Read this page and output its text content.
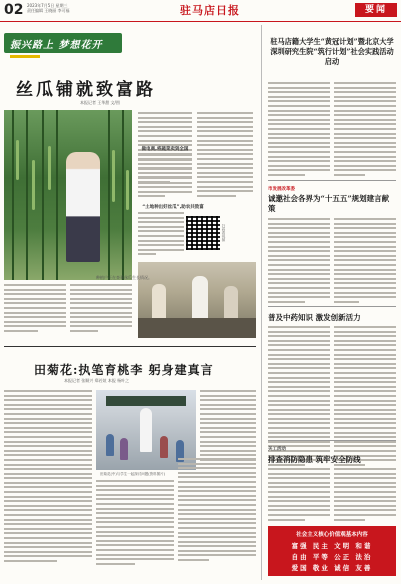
02 2023年7月5日 星期三
责任编辑 王晓丽 李可福	驻马店日报	要闻
振兴路上 梦想花开
丝瓜铺就致富路
本报记者 王华甜 文/图
做电商,将蔬菜卖到全国
“土地种出好丝瓜”,助农共致富
扫码看视频
种植户正在查看丝瓜生长情况。
田菊花:执笔育桃李 躬身建真言
本报记者 张顺兴 郑若煊 本报 杨叶之
田菊花(中)与学生一起探讨问题(资料图片)
驻马店籍大学生“黄冠计划”暨北京大学深圳研究生院“筑行计划”社会实践活动启动
市发展改革委
诚邀社会各界为“十五五”规划建言献策
普及中药知识 激发创新活力
关工活动
排查消防隐患 筑牢安全防线
社会主义核心价值观基本内容
富强 民主 文明 和谐
自由 平等 公正 法治
爱国 敬业 诚信 友善
